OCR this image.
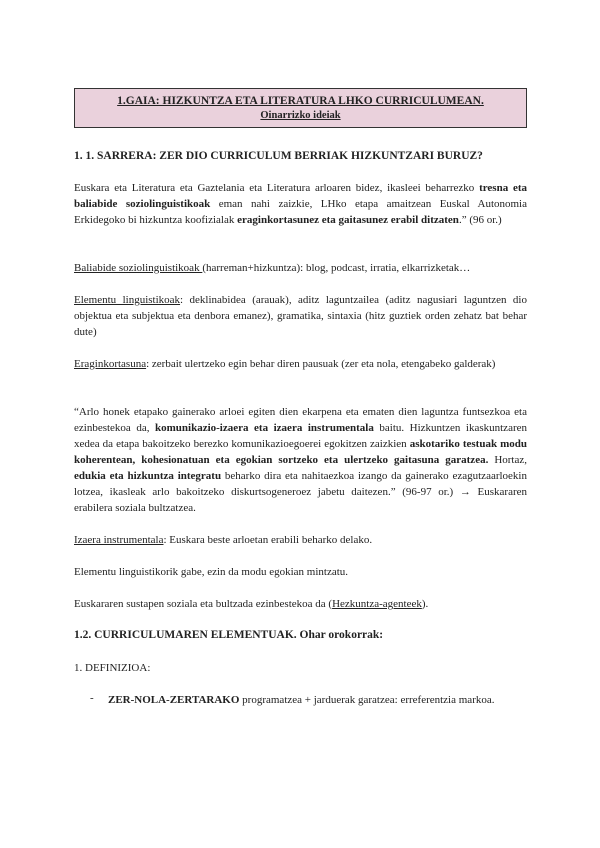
1.GAIA: HIZKUNTZA ETA LITERATURA LHKO CURRICULUMEAN.
Oinarrizko ideiak
1. 1. SARRERA: ZER DIO CURRICULUM BERRIAK HIZKUNTZARI BURUZ?
Euskara eta Literatura eta Gaztelania eta Literatura arloaren bidez, ikasleei beharrezko tresna eta baliabide soziolinguistikoak eman nahi zaizkie, LHko etapa amaitzean Euskal Autonomia Erkidegoko bi hizkuntza koofizialak eraginkortasunez eta gaitasunez erabil ditzaten.” (96 or.)
Baliabide soziolinguistikoak (harreman+hizkuntza): blog, podcast, irratia, elkarrizketak…
Elementu linguistikoak: deklinabidea (arauak), aditz laguntzailea (aditz nagusiari laguntzen dio objektua eta subjektua eta denbora emanez), gramatika, sintaxia (hitz guztiek orden zehatz bat behar dute)
Eraginkortasuna: zerbait ulertzeko egin behar diren pausuak (zer eta nola, etengabeko galderak)
“Arlo honek etapako gainerako arloei egiten dien ekarpena eta ematen dien laguntza funtsezkoa eta ezinbestekoa da, komunikazio-izaera eta izaera instrumentala baitu. Hizkuntzen ikaskuntzaren xedea da etapa bakoitzeko berezko komunikazioegoerei egokitzen zaizkien askotariko testuak modu koherentean, kohesionatuan eta egokian sortzeko eta ulertzeko gaitasuna garatzea. Hortaz, edukia eta hizkuntza integratu beharko dira eta nahitaezkoa izango da gainerako ezagutzaarloekin lotzea, ikasleak arlo bakoitzeko diskurtsogeneroez jabetu daitezen.” (96-97 or.) → Euskararen erabilera soziala bultzatzea.
Izaera instrumentala: Euskara beste arloetan erabili beharko delako.
Elementu linguistikorik gabe, ezin da modu egokian mintzatu.
Euskararen sustapen soziala eta bultzada ezinbestekoa da (Hezkuntza-agenteek).
1.2. CURRICULUMAREN ELEMENTUAK. Ohar orokorrak:
1. DEFINIZIOA:
- ZER-NOLA-ZERTARAKO programatzea + jarduerak garatzea: erreferentzia markoa.
